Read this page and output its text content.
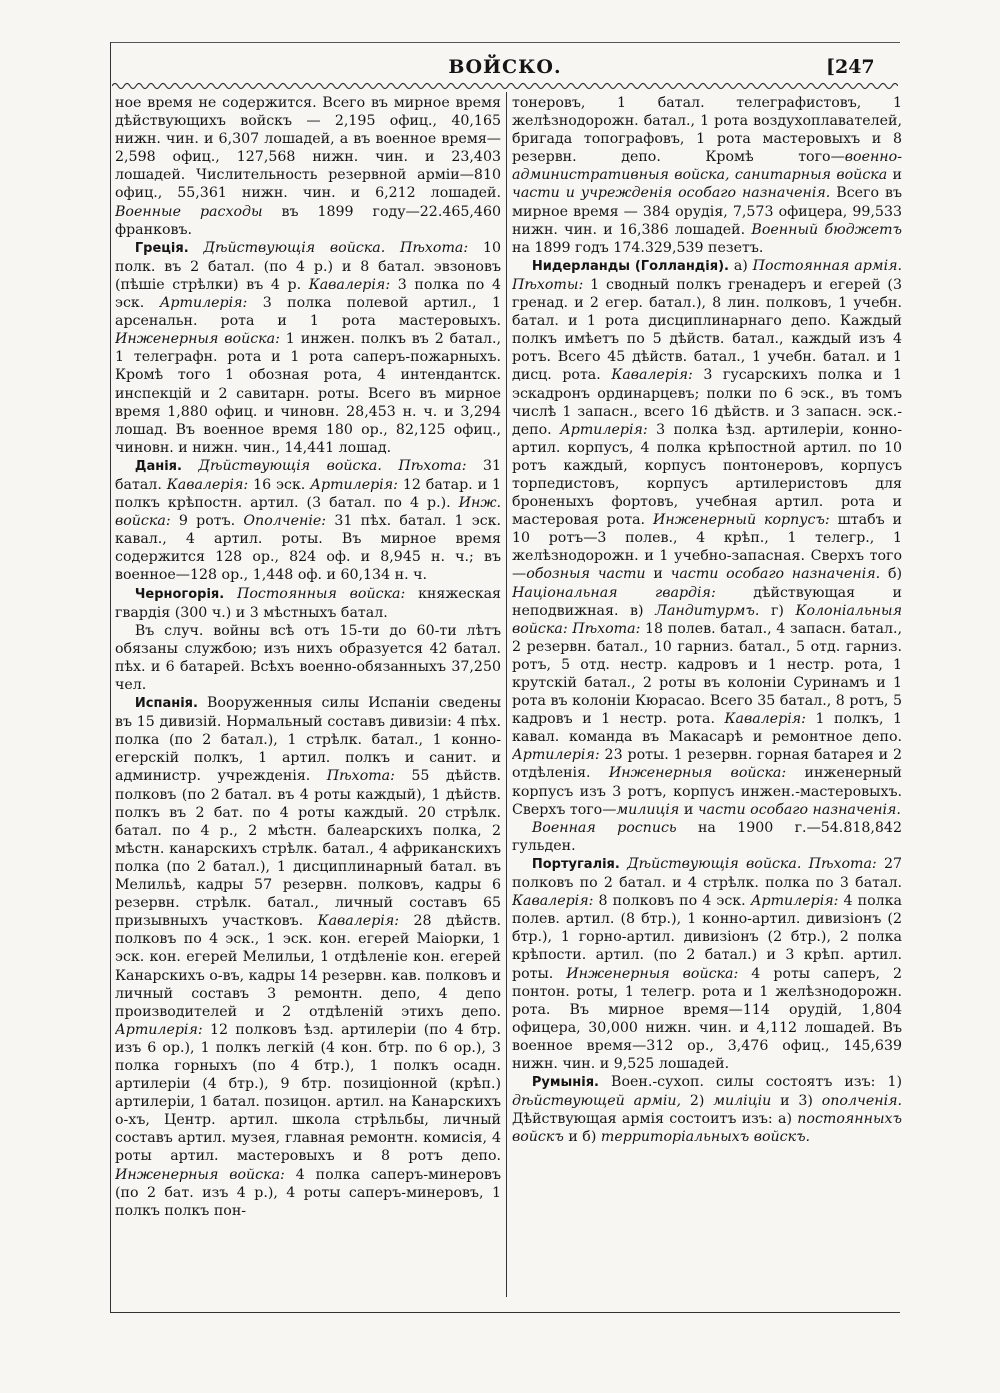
ВОЙСКО.	[247

ное время не содержится. Всего въ мирное время дѣйствующихъ войскъ — 2,195 офиц., 40,165 нижн. чин. и 6,307 лошадей, а въ военное время—2,598 офиц., 127,568 нижн. чин. и 23,403 лошадей. Числительность резервной арміи—810 офиц., 55,361 нижн. чин. и 6,212 лошадей. Военные расходы въ 1899 году—22.465,460 франковъ.

Греція. Дѣйствующія войска. Пѣхота: 10 полк. въ 2 батал. (по 4 р.) и 8 батал. эвзоновъ (пѣшіе стрѣлки) въ 4 р. Кавалерія: 3 полка по 4 эск. Артилерія: 3 полка полевой артил., 1 арсенальн. рота и 1 рота мастеровыхъ. Инженерныя войска: 1 инжен. полкъ въ 2 батал., 1 телеграфн. рота и 1 рота саперъ-пожарныхъ. Кромѣ того 1 обозная рота, 4 интендантск. инспекцій и 2 савитарн. роты. Всего въ мирное время 1,880 офиц. и чиновн. 28,453 н. ч. и 3,294 лошад. Въ военное время 180 ор., 82,125 офиц., чиновн. и нижн. чин., 14,441 лошад.

Данія. Дѣйствующія войска. Пѣхота: 31 батал. Кавалерія: 16 эск. Артилерія: 12 батар. и 1 полкъ крѣпостн. артил. (3 батал. по 4 р.). Инж. войска: 9 ротъ. Ополченіе: 31 пѣх. батал. 1 эск. кавал., 4 артил. роты. Въ мирное время содержится 128 ор., 824 оф. и 8,945 н. ч.; въ военное—128 ор., 1,448 оф. и 60,134 н. ч.

Черногорія. Постоянныя войска: княжеская гвардія (300 ч.) и 3 мѣстныхъ батал.

Въ случ. войны всѣ отъ 15-ти до 60-ти лѣтъ обязаны службою; изъ нихъ образуется 42 батал. пѣх. и 6 батарей. Всѣхъ военно-обязанныхъ 37,250 чел.

Испанія. Вооруженныя силы Испаніи сведены въ 15 дивизій. Нормальный составъ дивизіи: 4 пѣх. полка (по 2 батал.), 1 стрѣлк. батал., 1 конно-егерскій полкъ, 1 артил. полкъ и санит. и администр. учрежденія. Пѣхота: 55 дѣйств. полковъ (по 2 батал. въ 4 роты каждый), 1 дѣйств. полкъ въ 2 бат. по 4 роты каждый. 20 стрѣлк. батал. по 4 р., 2 мѣстн. балеарскихъ полка, 2 мѣстн. канарскихъ стрѣлк. батал., 4 африканскихъ полка (по 2 батал.), 1 дисциплинарный батал. въ Мелильѣ, кадры 57 резервн. полковъ, кадры 6 резервн. стрѣлк. батал., личный составъ 65 призывныхъ участковъ. Кавалерія: 28 дѣйств. полковъ по 4 эск., 1 эск. кон. егерей Маіорки, 1 эск. кон. егерей Мелильи, 1 отдѣленіе кон. егерей Канарскихъ о-въ, кадры 14 резервн. кав. полковъ и личный составъ 3 ремонтн. депо, 4 депо производителей и 2 отдѣленій этихъ депо. Артилерія: 12 полковъ ѣзд. артилеріи (по 4 бтр. изъ 6 ор.), 1 полкъ легкій (4 кон. бтр. по 6 ор.), 3 полка горныхъ (по 4 бтр.), 1 полкъ осадн. артилеріи (4 бтр.), 9 бтр. позиціонной (крѣп.) артилеріи, 1 батал. позицон. артил. на Канарскихъ о-хъ, Центр. артил. школа стрѣльбы, личный составъ артил. музея, главная ремонтн. комисія, 4 роты артил. мастеровыхъ и 8 ротъ депо. Инженерныя войска: 4 полка саперъ-минеровъ (по 2 бат. изъ 4 р.), 4 роты саперъ-минеровъ, 1 полкъ полкъ пон-

тонеровъ, 1 батал. телеграфистовъ, 1 желѣзнодорожн. батал., 1 рота воздухоплавателей, бригада топографовъ, 1 рота мастеровыхъ и 8 резервн. депо. Кромѣ того—военно-административныя войска, санитарныя войска и части и учрежденія особаго назначенія. Всего въ мирное время — 384 орудія, 7,573 офицера, 99,533 нижн. чин. и 16,386 лошадей. Военный бюджетъ на 1899 годъ 174.329,539 пезетъ.

Нидерланды (Голландія). а) Постоянная армія. Пѣхоты: 1 сводный полкъ гренадеръ и егерей (3 гренад. и 2 егер. батал.), 8 лин. полковъ, 1 учебн. батал. и 1 рота дисциплинарнаго депо. Каждый полкъ имѣетъ по 5 дѣйств. батал., каждый изъ 4 ротъ. Всего 45 дѣйств. батал., 1 учебн. батал. и 1 дисц. рота. Кавалерія: 3 гусарскихъ полка и 1 эскадронъ ординарцевъ; полки по 6 эск., въ томъ числѣ 1 запасн., всего 16 дѣйств. и 3 запасн. эск.-депо. Артилерія: 3 полка ѣзд. артилеріи, конно-артил. корпусъ, 4 полка крѣпостной артил. по 10 ротъ каждый, корпусъ понтонеровъ, корпусъ торпедистовъ, корпусъ артилеристовъ для броненыхъ фортовъ, учебная артил. рота и мастеровая рота. Инженерный корпусъ: штабъ и 10 ротъ—3 полев., 4 крѣп., 1 телегр., 1 желѣзнодорожн. и 1 учебно-запасная. Сверхъ того—обозныя части и части особаго назначенія. б) Національная гвардія:	дѣйствующая и неподвижная. в) Ландитурмъ. г) Колоніальныя войска: Пѣхота: 18 полев. батал., 4 запасн. батал., 2 резервн. батал., 10 гарниз. батал., 5 отд. гарниз. ротъ, 5 отд. нестр. кадровъ и 1 нестр. рота, 1 крутскій батал., 2 роты въ колоніи Суринамъ и 1 рота въ колоніи Кюрасао. Всего 35 батал., 8 ротъ, 5 кадровъ и 1 нестр. рота. Кавалерія: 1 полкъ, 1 кавал. команда въ Макасарѣ и ремонтное депо. Артилерія: 23 роты. 1 резервн. горная батарея и 2 отдѣленія. Инженерныя войска: инженерный корпусъ изъ 3 ротъ, корпусъ инжен.-мастеровыхъ. Сверхъ того—милиція и части особаго назначенія.

Военная роспись на 1900 г.—54.818,842 гульден.

Португалія. Дѣйствующія войска. Пѣхота: 27 полковъ по 2 батал. и 4 стрѣлк. полка по 3 батал. Кавалерія: 8 полковъ по 4 эск. Артилерія: 4 полка полев. артил. (8 бтр.), 1 конно-артил. дивизіонъ (2 бтр.), 1 горно-артил. дивизіонъ (2 бтр.), 2 полка крѣпости. артил. (по 2 батал.) и 3 крѣп. артил. роты. Инженерныя войска: 4 роты саперъ, 2 понтон. роты, 1 телегр. рота и 1 желѣзнодорожн. рота. Въ мирное время—114 орудій, 1,804 офицера, 30,000 нижн. чин. и 4,112 лошадей. Въ военное время—312 ор., 3,476 офиц., 145,639 нижн. чин. и 9,525 лошадей.

Румынія. Воен.-сухоп. силы состоятъ изъ: 1) дѣйствующей арміи, 2) миліціи и 3) ополченія. Дѣйствующая армія состоитъ изъ: а) постоянныхъ войскъ и б) территоріальныхъ войскъ.
